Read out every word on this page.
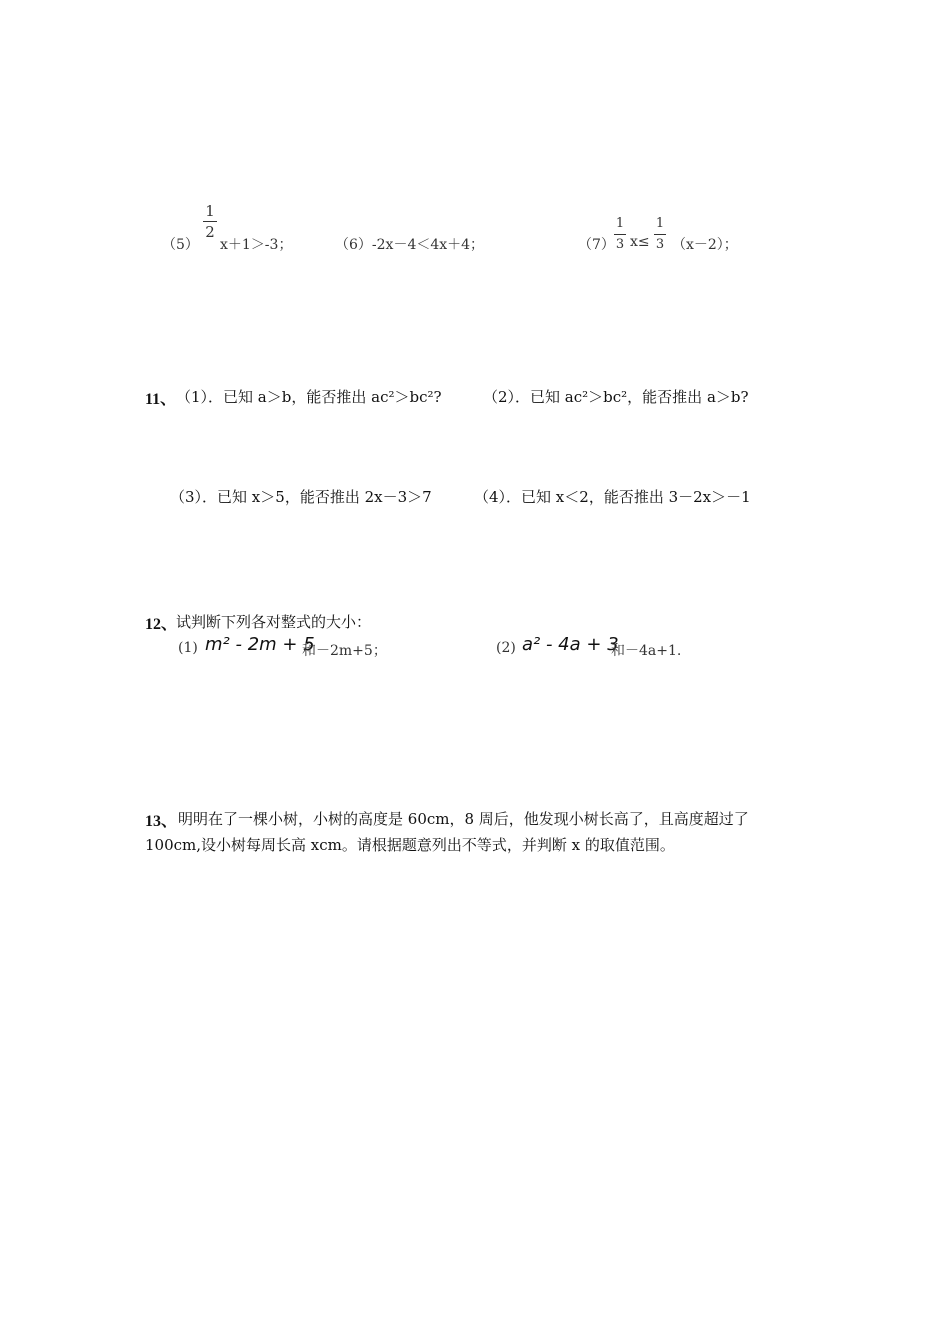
（5）
1
2
x＋1＞-3；	（6）-2x－4＜4x＋4；	（7）
1
3 x≤
1
3 （x－2）；
11、 （1）．已知 a＞b，能否推出 ac²＞bc²?	（2）．已知 ac²＞bc²，能否推出 a＞b?
（3）．已知 x＞5，能否推出 2x－3＞7	（4）．已知 x＜2，能否推出 3－2x＞－1
12、
试判断下列各对整式的大小：
(1) m² - 2m + 5
和－2m+5；	(2) a² - 4a + 3
和－4a+1.
13、 明明在了一棵小树，小树的高度是 60cm，8 周后，他发现小树长高了，且高度超过了
100cm,设小树每周长高 xcm。请根据题意列出不等式，并判断 x 的取值范围。
